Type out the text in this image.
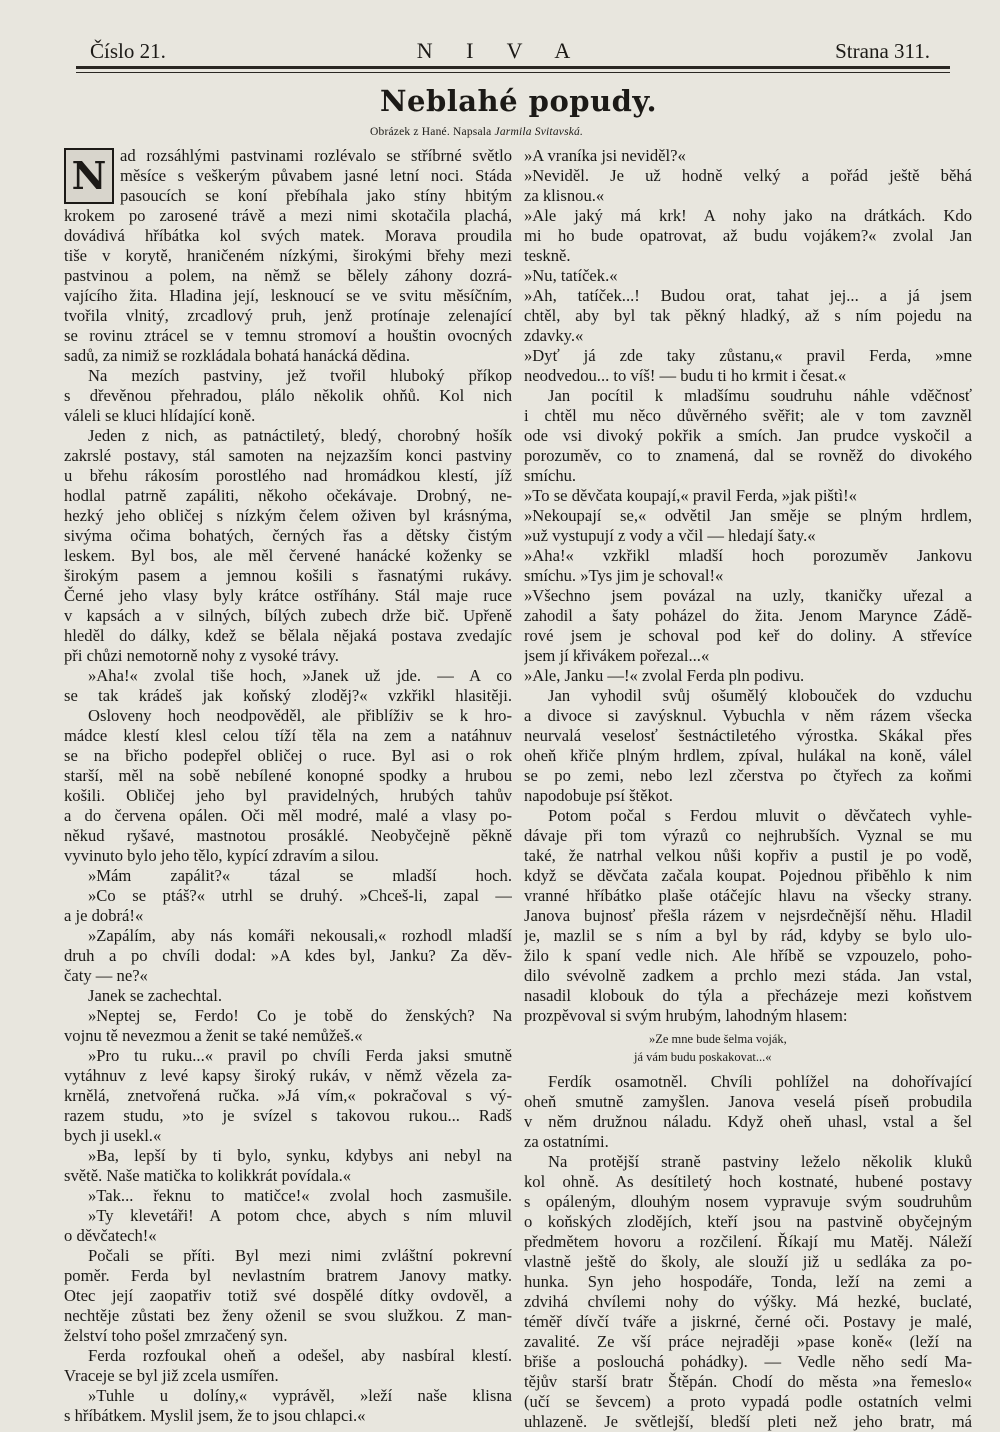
Číslo 21.	N I V A	Strana 311.
Neblahé popudy.
Obrázek z Hané. Napsala Jarmila Svitavská.
N ad rozsáhlými pastvinami rozlévalo se stříbrné světlo
měsíce s veškerým půvabem jasné letní noci. Stáda
pasoucích se koní přebíhala jako stíny hbitým
krokem po zarosené trávě a mezi nimi skotačila plachá,
dovádivá hříbátka kol svých matek. Morava proudila
tiše v korytě, hraničeném nízkými, širokými břehy mezi
pastvinou a polem, na němž se bělely záhony dozrá-
vajícího žita. Hladina její, lesknoucí se ve svitu měsíčním,
tvořila vlnitý, zrcadlový pruh, jenž protínaje zelenající
se rovinu ztrácel se v temnu stromoví a houštin ovocných
sadů, za nimiž se rozkládala bohatá hanácká dědina.
Na mezích pastviny, jež tvořil hluboký příkop
s dřevěnou přehradou, plálo několik ohňů. Kol nich
váleli se kluci hlídající koně.
Jeden z nich, as patnáctiletý, bledý, chorobný hošík
zakrslé postavy, stál samoten na nejzazším konci pastviny
u břehu rákosím porostlého nad hromádkou klestí, jíž
hodlal patrně zapáliti, někoho očekávaje. Drobný, ne-
hezký jeho obličej s nízkým čelem oživen byl krásnýma,
sivýma očima bohatých, černých řas a dětsky čistým
leskem. Byl bos, ale měl červené hanácké koženky se
širokým pasem a jemnou košili s řasnatými rukávy.
Černé jeho vlasy byly krátce ostříhány. Stál maje ruce
v kapsách a v silných, bílých zubech drže bič. Upřeně
hleděl do dálky, kdež se bělala nějaká postava zvedajíc
při chůzi nemotorně nohy z vysoké trávy.
»Aha!« zvolal tiše hoch, »Janek už jde. — A co
se tak krádeš jak koňský zloděj?« vzkřikl hlasitěji.
Osloveny hoch neodpověděl, ale přiblíživ se k hro-
mádce klestí klesl celou tíží těla na zem a natáhnuv
se na břicho podepřel obličej o ruce. Byl asi o rok
starší, měl na sobě nebílené konopné spodky a hrubou
košili. Obličej jeho byl pravidelných, hrubých tahův
a do červena opálen. Oči měl modré, malé a vlasy po-
někud ryšavé, mastnotou prosáklé. Neobyčejně pěkně
vyvinuto bylo jeho tělo, kypící zdravím a silou.
»Mám zapálit?« tázal se mladší hoch.
»Co se ptáš?« utrhl se druhý. »Chceš-li, zapal —
a je dobrá!«
»Zapálím, aby nás komáři nekousali,« rozhodl mladší
druh a po chvíli dodal: »A kdes byl, Janku? Za děv-
čaty — ne?«
Janek se zachechtal.
»Neptej se, Ferdo! Co je tobě do ženských? Na
vojnu tě nevezmou a ženit se také nemůžeš.«
»Pro tu ruku...« pravil po chvíli Ferda jaksi smutně
vytáhnuv z levé kapsy široký rukáv, v němž vězela za-
krnělá, znetvořená ručka. »Já vím,« pokračoval s vý-
razem studu, »to je svízel s takovou rukou... Radš
bych ji usekl.«
»Ba, lepší by ti bylo, synku, kdybys ani nebyl na
světě. Naše matička to kolikkrát povídala.«
»Tak... řeknu to matičce!« zvolal hoch zasmušile.
»Ty klevetáři! A potom chce, abych s ním mluvil
o děvčatech!«
Počali se příti. Byl mezi nimi zvláštní pokrevní
poměr. Ferda byl nevlastním bratrem Janovy matky.
Otec její zaopatřiv totiž své dospělé dítky ovdověl, a
nechtěje zůstati bez ženy oženil se svou služkou. Z man-
želství toho pošel zmrzačený syn.
Ferda rozfoukal oheň a odešel, aby nasbíral klestí.
Vraceje se byl již zcela usmířen.
»Tuhle u dolíny,« vyprávěl, »leží naše klisna
s hříbátkem. Myslil jsem, že to jsou chlapci.«
»A vraníka jsi neviděl?«
»Neviděl. Je už hodně velký a pořád ještě běhá
za klisnou.«
»Ale jaký má krk! A nohy jako na drátkách. Kdo
mi ho bude opatrovat, až budu vojákem?« zvolal Jan
teskně.
»Nu, tatíček.«
»Ah, tatíček...! Budou orat, tahat jej... a já jsem
chtěl, aby byl tak pěkný hladký, až s ním pojedu na
zdavky.«
»Dyť já zde taky zůstanu,« pravil Ferda, »mne
neodvedou... to víš! — budu ti ho krmit i česat.«
Jan pocítil k mladšímu soudruhu náhle vděčnosť
i chtěl mu něco důvěrného svěřit; ale v tom zavzněl
ode vsi divoký pokřik a smích. Jan prudce vyskočil a
porozuměv, co to znamená, dal se rovněž do divokého
smíchu.
»To se děvčata koupají,« pravil Ferda, »jak pištì!«
»Nekoupají se,« odvětil Jan směje se plným hrdlem,
»už vystupují z vody a včil — hledají šaty.«
»Aha!« vzkřikl mladší hoch porozuměv Jankovu
smíchu. »Tys jim je schoval!«
»Všechno jsem povázal na uzly, tkaničky uřezal a
zahodil a šaty poházel do žita. Jenom Marynce Zádě-
rové jsem je schoval pod keř do doliny. A střevíce
jsem jí křivákem pořezal...«
»Ale, Janku —!« zvolal Ferda pln podivu.
Jan vyhodil svůj ošumělý klobouček do vzduchu
a divoce si zavýsknul. Vybuchla v něm rázem všecka
neurvalá veselosť šestnáctiletého výrostka. Skákal přes
oheň křiče plným hrdlem, zpíval, hulákal na koně, válel
se po zemi, nebo lezl zčerstva po čtyřech za koňmi
napodobuje psí štěkot.
Potom počal s Ferdou mluvit o děvčatech vyhle-
dávaje při tom výrazů co nejhrubších. Vyznal se mu
také, že natrhal velkou nůši kopřiv a pustil je po vodě,
když se děvčata začala koupat. Pojednou přiběhlo k nim
vranné hříbátko plaše otáčejíc hlavu na všecky strany.
Janova bujnosť přešla rázem v nejsrdečnější něhu. Hladil
je, mazlil se s ním a byl by rád, kdyby se bylo ulo-
žilo k spaní vedle nich. Ale hříbě se vzpouzelo, poho-
dilo svévolně zadkem a prchlo mezi stáda. Jan vstal,
nasadil klobouk do týla a přecházeje mezi koňstvem
prozpěvoval si svým hrubým, lahodným hlasem:
»Ze mne bude šelma voják,
já vám budu poskakovat...«
Ferdík osamotněl. Chvíli pohlížel na dohořívající
oheň smutně zamyšlen. Janova veselá píseň probudila
v něm družnou náladu. Když oheň uhasl, vstal a šel
za ostatními.
Na protější straně pastviny leželo několik kluků
kol ohně. As desítiletý hoch kostnaté, hubené postavy
s opáleným, dlouhým nosem vypravuje svým soudruhům
o koňských zlodějích, kteří jsou na pastvině obyčejným
předmětem hovoru a rozčilení. Říkají mu Matěj. Náleží
vlastně ještě do školy, ale slouží již u sedláka za po-
hunka. Syn jeho hospodáře, Tonda, leží na zemi a
zdvihá chvílemi nohy do výšky. Má hezké, buclaté,
téměř dívčí tváře a jiskrné, černé oči. Postavy je malé,
zavalité. Ze vší práce nejraději »pase koně« (leží na
břiše a poslouchá pohádky). — Vedle něho sedí Ma-
tějův starší bratr Štěpán. Chodí do města »na řemeslo«
(učí se ševcem) a proto vypadá podle ostatních velmi
uhlazeně. Je světlejší, bledší pleti než jeho bratr, má
